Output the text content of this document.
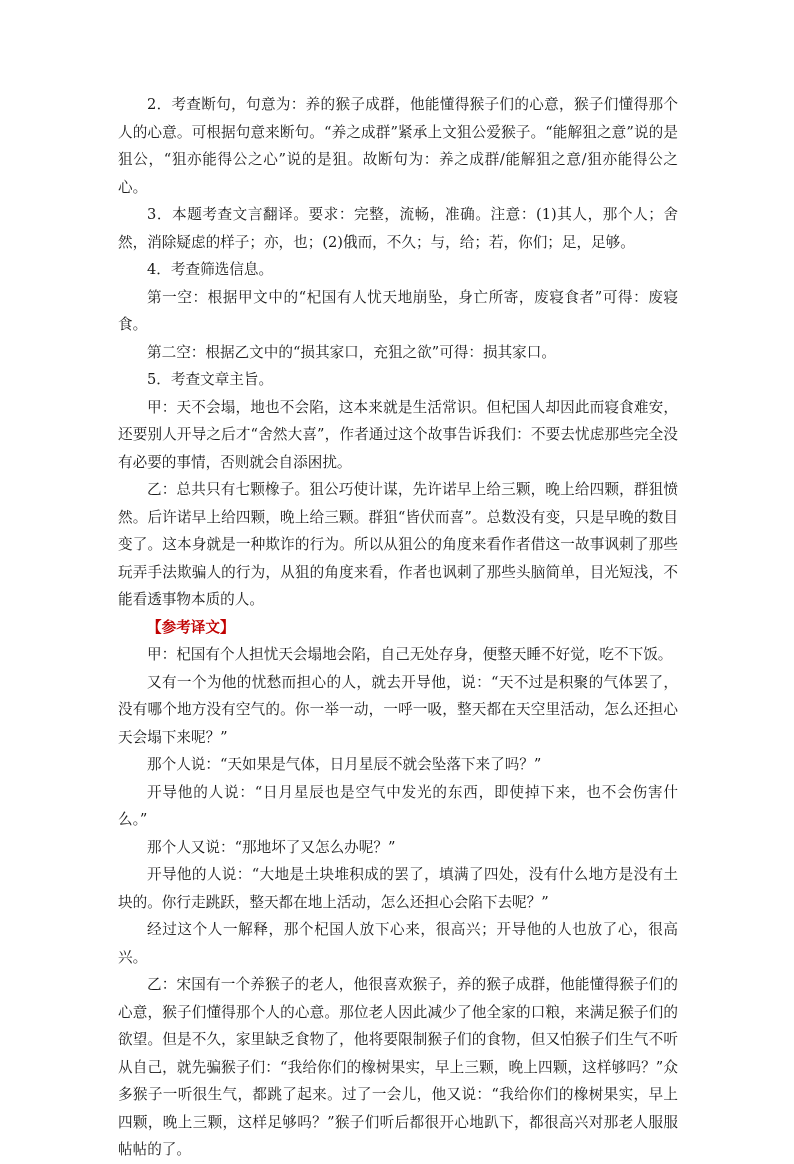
2．考查断句，句意为：养的猴子成群，他能懂得猴子们的心意，猴子们懂得那个人的心意。可根据句意来断句。“养之成群”紧承上文狙公爱猴子。“能解狙之意”说的是狙公，“狙亦能得公之心”说的是狙。故断句为：养之成群/能解狙之意/狙亦能得公之心。

3．本题考查文言翻译。要求：完整，流畅，准确。注意：(1)其人，那个人；舍然，消除疑虑的样子；亦，也；(2)俄而，不久；与，给；若，你们；足，足够。

4．考查筛选信息。

第一空：根据甲文中的“杞国有人忧天地崩坠，身亡所寄，废寝食者”可得：废寝食。

第二空：根据乙文中的“损其家口，充狙之欲”可得：损其家口。

5．考查文章主旨。

甲：天不会塌，地也不会陷，这本来就是生活常识。但杞国人却因此而寝食难安，还要别人开导之后才“舍然大喜”，作者通过这个故事告诉我们：不要去忧虑那些完全没有必要的事情，否则就会自添困扰。

乙：总共只有七颗橡子。狙公巧使计谋，先许诺早上给三颗，晚上给四颗，群狙愤然。后许诺早上给四颗，晚上给三颗。群狙“皆伏而喜”。总数没有变，只是早晚的数目变了。这本身就是一种欺诈的行为。所以从狙公的角度来看作者借这一故事讽刺了那些玩弄手法欺骗人的行为，从狙的角度来看，作者也讽刺了那些头脑简单，目光短浅，不能看透事物本质的人。

【参考译文】

甲：杞国有个人担忧天会塌地会陷，自己无处存身，便整天睡不好觉，吃不下饭。

又有一个为他的忧愁而担心的人，就去开导他，说：“天不过是积聚的气体罢了，没有哪个地方没有空气的。你一举一动，一呼一吸，整天都在天空里活动，怎么还担心天会塌下来呢？”

那个人说：“天如果是气体，日月星辰不就会坠落下来了吗？”

开导他的人说：“日月星辰也是空气中发光的东西，即使掉下来，也不会伤害什么。”

那个人又说：“那地坏了又怎么办呢？”

开导他的人说：“大地是土块堆积成的罢了，填满了四处，没有什么地方是没有土块的。你行走跳跃，整天都在地上活动，怎么还担心会陷下去呢？”

经过这个人一解释，那个杞国人放下心来，很高兴；开导他的人也放了心，很高兴。

乙：宋国有一个养猴子的老人，他很喜欢猴子，养的猴子成群，他能懂得猴子们的心意，猴子们懂得那个人的心意。那位老人因此减少了他全家的口粮，来满足猴子们的欲望。但是不久，家里缺乏食物了，他将要限制猴子们的食物，但又怕猴子们生气不听从自己，就先骗猴子们：“我给你们的橡树果实，早上三颗，晚上四颗，这样够吗？”众多猴子一听很生气，都跳了起来。过了一会儿，他又说：“我给你们的橡树果实，早上四颗，晚上三颗，这样足够吗？”猴子们听后都很开心地趴下，都很高兴对那老人服服帖帖的了。
